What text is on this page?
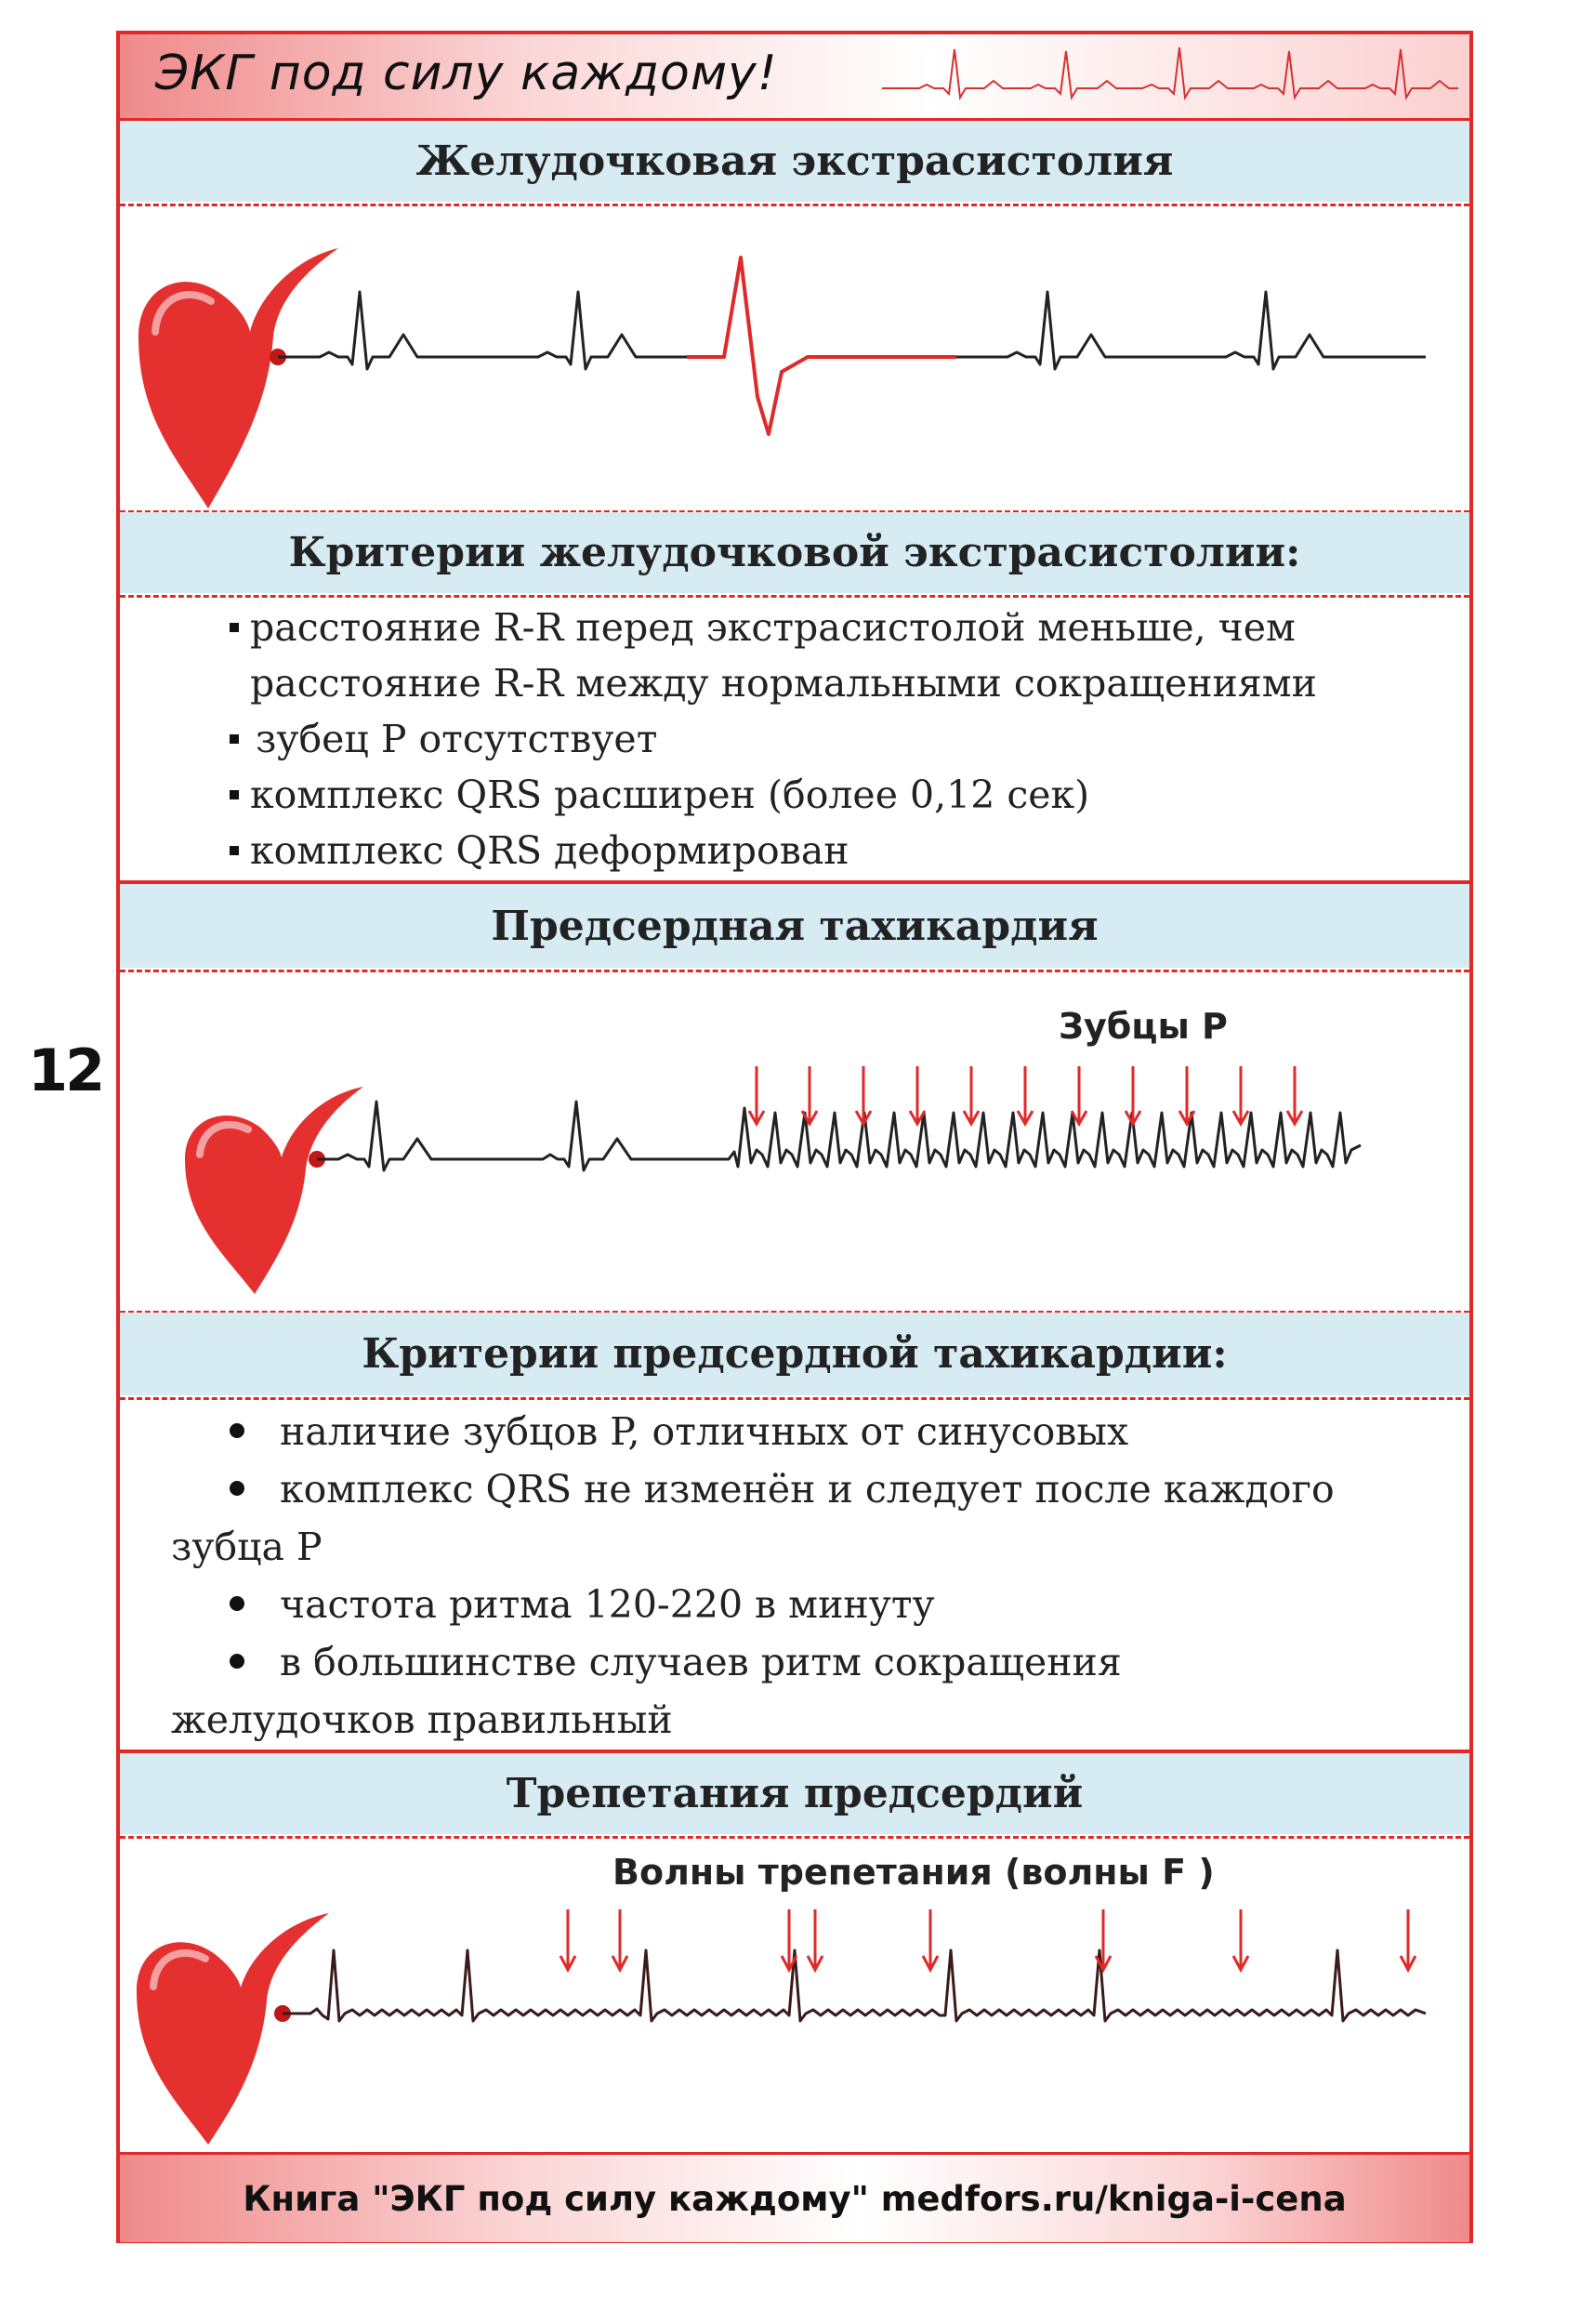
12
ЭКГ под силу каждому!
Желудочковая экстрасистолия
Критерии желудочковой экстрасистолии:
расстояние R-R перед экстрасистолой меньше, чем
расстояние R-R между нормальными сокращениями
зубец P отсутствует
комплекс QRS расширен (более 0,12 сек)
комплекс QRS деформирован
Предсердная тахикардия
Зубцы P
Критерии предсердной тахикардии:
наличие зубцов P, отличных от синусовых
комплекс QRS не изменён и следует после каждого
зубца P
частота ритма 120-220 в минуту
в большинстве случаев ритм сокращения
желудочков правильный
Трепетания предсердий
Волны трепетания (волны F )
Книга "ЭКГ под силу каждому" medfors.ru/kniga-i-cena
